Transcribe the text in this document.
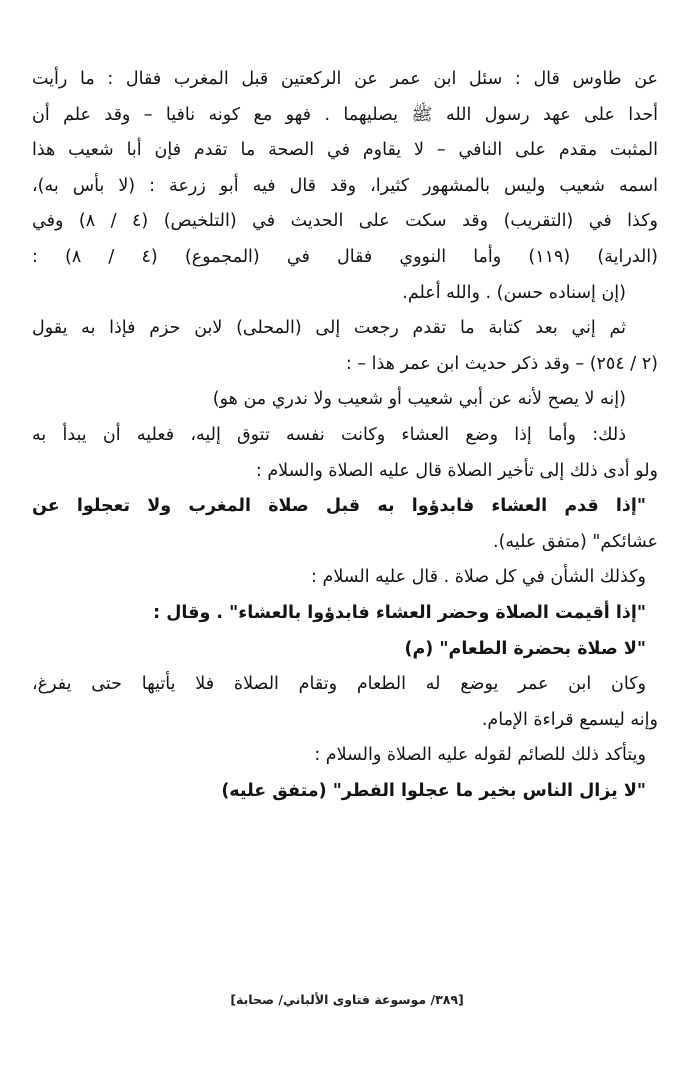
عن طاوس قال : سئل ابن عمر عن الركعتين قبل المغرب فقال : ما رأيت
أحدا على عهد رسول الله ﷺ يصليهما . فهو مع كونه نافيا – وقد علم أن
المثبت مقدم على النافي – لا يقاوم في الصحة ما تقدم فإن أبا شعيب هذا
اسمه شعيب وليس بالمشهور كثيرا، وقد قال فيه أبو زرعة : (لا بأس به)،
وكذا في (التقريب) وقد سكت على الحديث في (التلخيص) (٤ / ٨) وفي
(الدراية) (١١٩) وأما النووي فقال في (المجموع) (٤ / ٨) :
(إن إسناده حسن) . والله أعلم.
ثم إني بعد كتابة ما تقدم رجعت إلى (المحلى) لابن حزم فإذا به يقول
(٢ / ٢٥٤) – وقد ذكر حديث ابن عمر هذا – :
(إنه لا يصح لأنه عن أبي شعيب أو شعيب ولا ندري من هو)
ذلك: وأما إذا وضع العشاء وكانت نفسه تتوق إليه، فعليه أن يبدأ به
ولو أدى ذلك إلى تأخير الصلاة قال عليه الصلاة والسلام :
"إذا قدم العشاء فابدؤوا به قبل صلاة المغرب ولا تعجلوا عن
عشائكم" (متفق عليه).
وكذلك الشأن في كل صلاة . قال عليه السلام :
"إذا أقيمت الصلاة وحضر العشاء فابدؤوا بالعشاء" . وقال :
"لا صلاة بحضرة الطعام" (م)
وكان ابن عمر يوضع له الطعام وتقام الصلاة فلا يأتيها حتى يفرغ،
وإنه ليسمع قراءة الإمام.
ويتأكد ذلك للصائم لقوله عليه الصلاة والسلام :
"لا يزال الناس بخير ما عجلوا الفطر" (متفق عليه)
[٣٨٩/ موسوعة فتاوى الألباني/ صحابة]
